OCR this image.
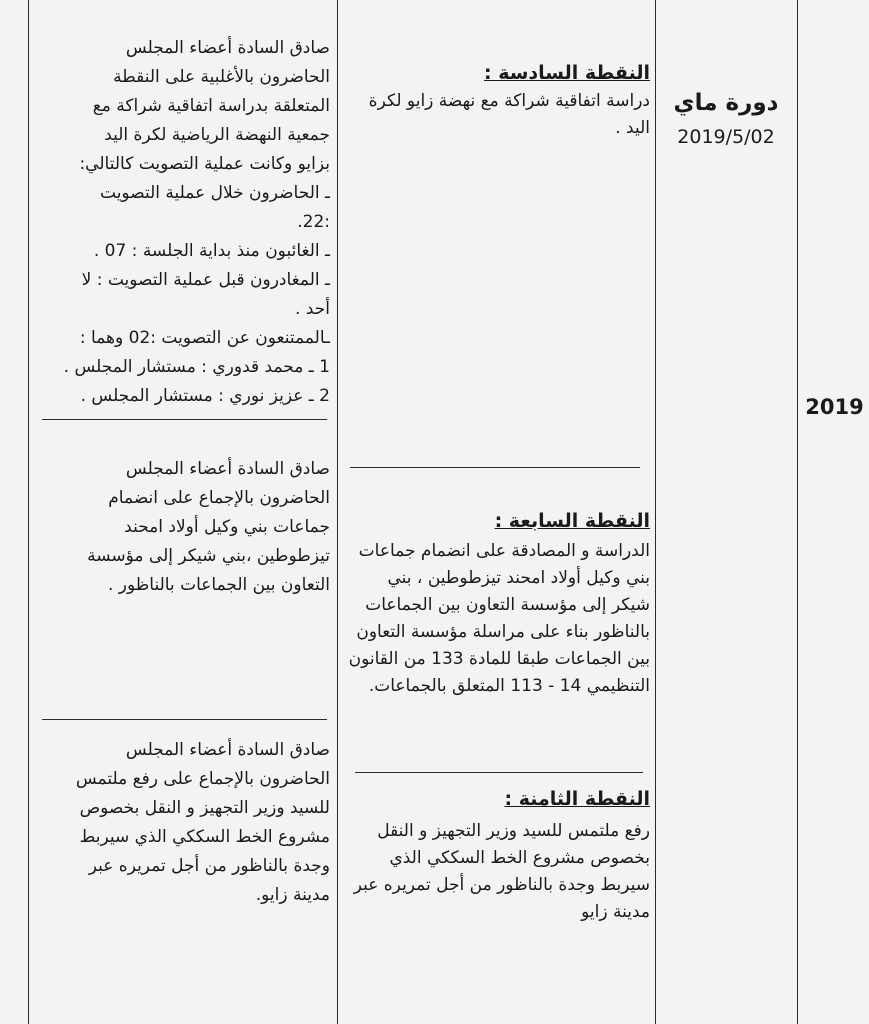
2019

دورة ماي

2019/5/02

النقطة السادسة :

دراسة اتفاقية شراكة مع نهضة زايو لكرة اليد .

النقطة السابعة :

الدراسة و المصادقة على انضمام جماعات بني وكيل أولاد امحند تيزطوطين ، بني شيكر إلى مؤسسة التعاون بين الجماعات بالناظور بناء على مراسلة مؤسسة التعاون بين الجماعات طبقا للمادة 133 من القانون التنظيمي 14 - 113 المتعلق بالجماعات.

النقطة الثامنة :

رفع ملتمس للسيد وزير التجهيز و النقل بخصوص مشروع الخط السككي الذي سيربط وجدة بالناظور من أجل تمريره عبر مدينة زايو

صادق السادة أعضاء المجلس

الحاضرون بالأغلبية على النقطة

المتعلقة بدراسة اتفاقية شراكة مع

جمعية النهضة الرياضية لكرة اليد

بزايو وكانت عملية التصويت كالتالي:

ـ الحاضرون خلال عملية التصويت

:22.

ـ الغائبون منذ بداية الجلسة : 07 .

ـ المغادرون قبل عملية التصويت : لا

أحد .

ـالممتنعون عن التصويت :02 وهما :

1 ـ محمد قدوري : مستشار المجلس .

2 ـ عزيز نوري : مستشار المجلس .

صادق السادة أعضاء المجلس

الحاضرون بالإجماع على انضمام

جماعات بني وكيل أولاد امحند

تيزطوطين ،بني شيكر إلى مؤسسة

التعاون بين الجماعات بالناظور .

صادق السادة أعضاء المجلس

الحاضرون بالإجماع على رفع ملتمس

للسيد وزير التجهيز و النقل بخصوص

مشروع الخط السككي الذي سيربط

وجدة بالناظور من أجل تمريره عبر

مدينة زايو.
